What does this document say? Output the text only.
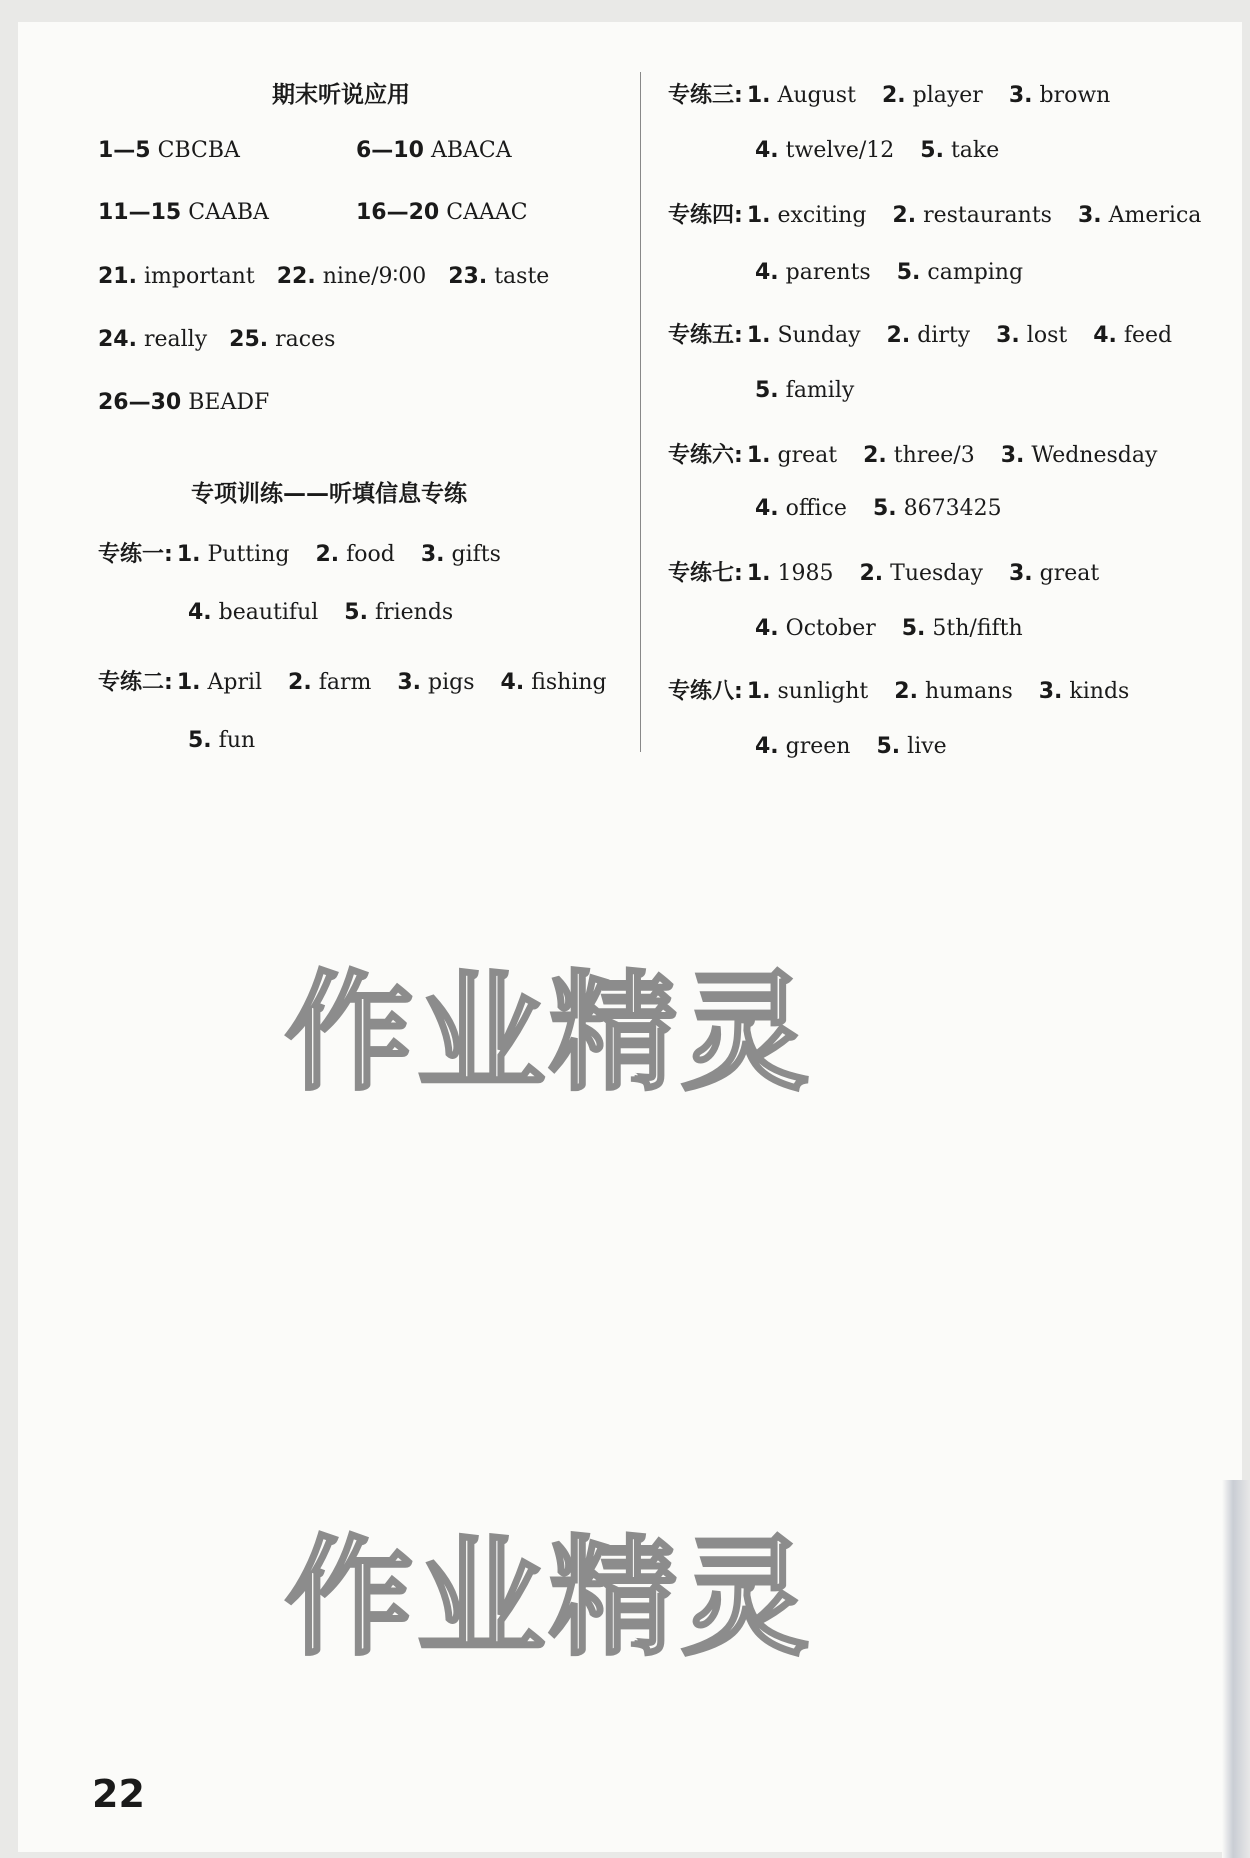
期末听说应用
1—5 CBCBA	6—10 ABACA
11—15 CAABA	16—20 CAAAC
21. important 22. nine/9∶00 23. taste
24. really 25. races
26—30 BEADF
专项训练——听填信息专练
专练一: 1. Putting 2. food 3. gifts
4. beautiful 5. friends
专练二: 1. April 2. farm 3. pigs 4. fishing
5. fun
专练三: 1. August 2. player 3. brown
4. twelve/12 5. take
专练四: 1. exciting 2. restaurants 3. America
4. parents 5. camping
专练五: 1. Sunday 2. dirty 3. lost 4. feed
5. family
专练六: 1. great 2. three/3 3. Wednesday
4. office 5. 8673425
专练七: 1. 1985 2. Tuesday 3. great
4. October 5. 5th/fifth
专练八: 1. sunlight 2. humans 3. kinds
4. green 5. live
作业精灵
作业精灵
22
